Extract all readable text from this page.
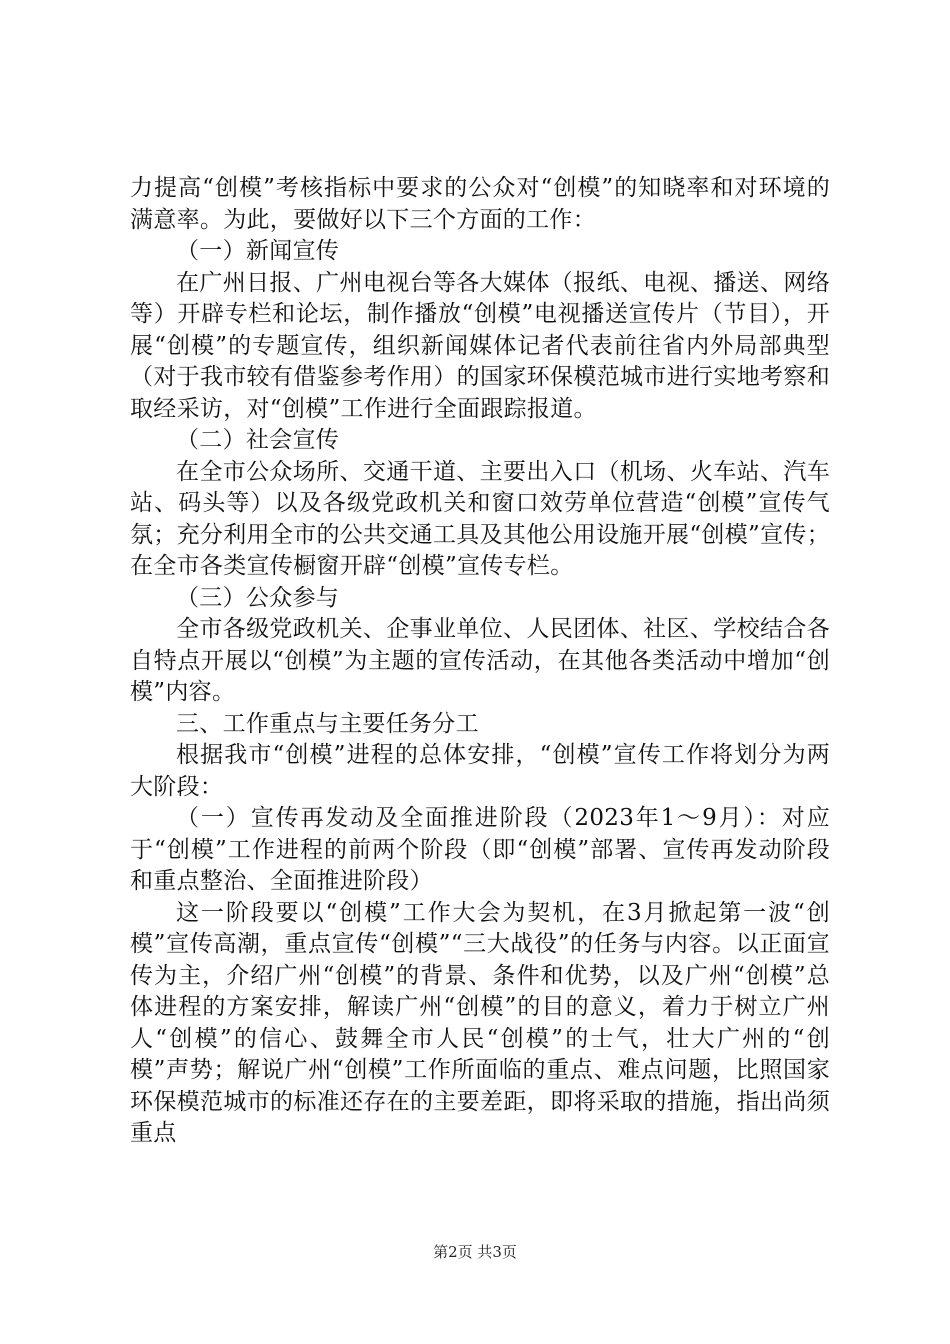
力提高“创模”考核指标中要求的公众对“创模”的知晓率和对环境的满意率。为此，要做好以下三个方面的工作：

（一）新闻宣传

在广州日报、广州电视台等各大媒体（报纸、电视、播送、网络等）开辟专栏和论坛，制作播放“创模”电视播送宣传片（节目），开展“创模”的专题宣传，组织新闻媒体记者代表前往省内外局部典型（对于我市较有借鉴参考作用）的国家环保模范城市进行实地考察和取经采访，对“创模”工作进行全面跟踪报道。

（二）社会宣传

在全市公众场所、交通干道、主要出入口（机场、火车站、汽车站、码头等）以及各级党政机关和窗口效劳单位营造“创模”宣传气氛；充分利用全市的公共交通工具及其他公用设施开展“创模”宣传；在全市各类宣传橱窗开辟“创模”宣传专栏。

（三）公众参与

全市各级党政机关、企事业单位、人民团体、社区、学校结合各自特点开展以“创模”为主题的宣传活动，在其他各类活动中增加“创模”内容。

三、工作重点与主要任务分工

根据我市“创模”进程的总体安排，“创模”宣传工作将划分为两大阶段：

（一）宣传再发动及全面推进阶段（2023年1～9月）：对应于“创模”工作进程的前两个阶段（即“创模”部署、宣传再发动阶段和重点整治、全面推进阶段）

这一阶段要以“创模”工作大会为契机，在3月掀起第一波“创模”宣传高潮，重点宣传“创模”“三大战役”的任务与内容。以正面宣传为主，介绍广州“创模”的背景、条件和优势，以及广州“创模”总体进程的方案安排，解读广州“创模”的目的意义，着力于树立广州人“创模”的信心、鼓舞全市人民“创模”的士气，壮大广州的“创模”声势；解说广州“创模”工作所面临的重点、难点问题，比照国家环保模范城市的标准还存在的主要差距，即将采取的措施，指出尚须重点

第2页 共3页
